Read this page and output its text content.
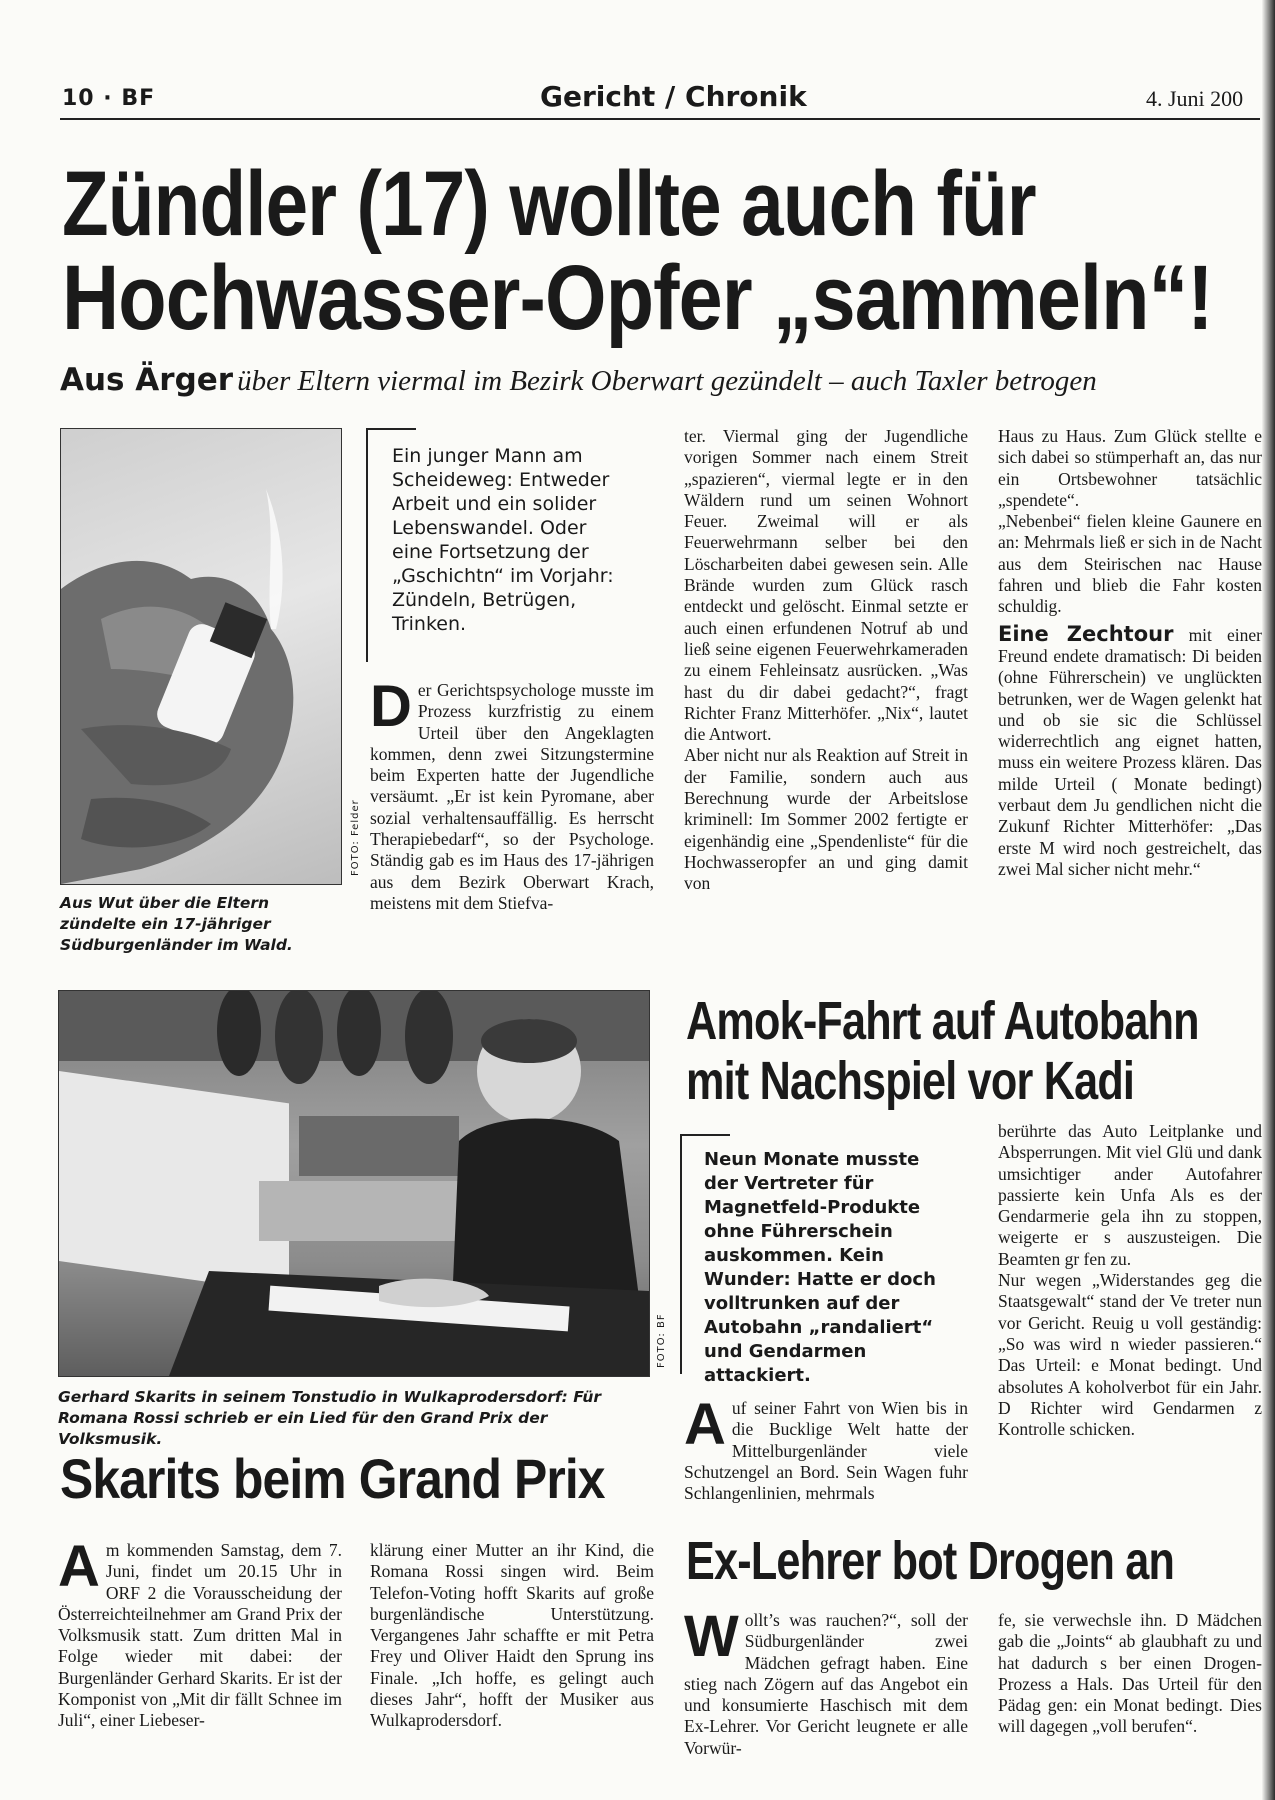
10 · BF	Gericht / Chronik	4. Juni 200
Zündler (17) wollte auch für
Hochwasser-Opfer „sammeln“!
Aus Ärger über Eltern viermal im Bezirk Oberwart gezündelt – auch Taxler betrogen
FOTO: Felder
Aus Wut über die Eltern zündelte ein 17-jähriger Südburgenländer im Wald.
Ein junger Mann am Scheideweg: Entweder Arbeit und ein solider Lebenswandel. Oder eine Fortsetzung der „Gschichtn“ im Vorjahr: Zündeln, Betrügen, Trinken.
Der Gerichtspsychologe musste im Prozess kurzfristig zu einem Urteil über den Angeklagten kommen, denn zwei Sitzungstermine beim Experten hatte der Jugendliche versäumt. „Er ist kein Pyromane, aber sozial verhaltensauffällig. Es herrscht Therapiebedarf“, so der Psychologe. Ständig gab es im Haus des 17-jährigen aus dem Bezirk Oberwart Krach, meistens mit dem Stiefva-

ter. Viermal ging der Jugendliche vorigen Sommer nach einem Streit „spazieren“, viermal legte er in den Wäldern rund um seinen Wohnort Feuer. Zweimal will er als Feuerwehrmann selber bei den Löscharbeiten dabei gewesen sein. Alle Brände wurden zum Glück rasch entdeckt und gelöscht. Einmal setzte er auch einen erfundenen Notruf ab und ließ seine eigenen Feuerwehrkameraden zu einem Fehleinsatz ausrücken. „Was hast du dir dabei gedacht?“, fragt Richter Franz Mitterhöfer. „Nix“, lautet die Antwort.

Aber nicht nur als Reaktion auf Streit in der Familie, sondern auch aus Berechnung wurde der Arbeitslose kriminell: Im Sommer 2002 fertigte er eigenhändig eine „Spendenliste“ für die Hochwasseropfer an und ging damit von

Haus zu Haus. Zum Glück stellte e sich dabei so stümperhaft an, das nur ein Ortsbewohner tatsächlic „spendete“.

„Nebenbei“ fielen kleine Gaunere en an: Mehrmals ließ er sich in de Nacht aus dem Steirischen nac Hause fahren und blieb die Fahr kosten schuldig.

Eine Zechtour mit einer Freund endete dramatisch: Di beiden (ohne Führerschein) ve unglückten betrunken, wer de Wagen gelenkt hat und ob sie sic die Schlüssel widerrechtlich ang eignet hatten, muss ein weitere Prozess klären. Das milde Urteil ( Monate bedingt) verbaut dem Ju gendlichen nicht die Zukunf Richter Mitterhöfer: „Das erste M wird noch gestreichelt, das zwei Mal sicher nicht mehr.“

FOTO: BF
Gerhard Skarits in seinem Tonstudio in Wulkaprodersdorf: Für Romana Rossi schrieb er ein Lied für den Grand Prix der Volksmusik.
Skarits beim Grand Prix
Am kommenden Samstag, dem 7. Juni, findet um 20.15 Uhr in ORF 2 die Vorausscheidung der Österreichteilnehmer am Grand Prix der Volksmusik statt. Zum dritten Mal in Folge wieder mit dabei: der Burgenländer Gerhard Skarits. Er ist der Komponist von „Mit dir fällt Schnee im Juli“, einer Liebeser-

klärung einer Mutter an ihr Kind, die Romana Rossi singen wird. Beim Telefon-Voting hofft Skarits auf große burgenländische Unterstützung. Vergangenes Jahr schaffte er mit Petra Frey und Oliver Haidt den Sprung ins Finale. „Ich hoffe, es gelingt auch dieses Jahr“, hofft der Musiker aus Wulkaprodersdorf.

Amok-Fahrt auf Autobahn
mit Nachspiel vor Kadi
Neun Monate musste der Vertreter für Magnetfeld-Produkte ohne Führerschein auskommen. Kein Wunder: Hatte er doch volltrunken auf der Autobahn „randaliert“ und Gendarmen attackiert.
Auf seiner Fahrt von Wien bis in die Bucklige Welt hatte der Mittelburgenländer viele Schutzengel an Bord. Sein Wagen fuhr Schlangenlinien, mehrmals

berührte das Auto Leitplanke und Absperrungen. Mit viel Glü und dank umsichtiger ander Autofahrer passierte kein Unfa Als es der Gendarmerie gela ihn zu stoppen, weigerte er s auszusteigen. Die Beamten gr fen zu.

Nur wegen „Widerstandes geg die Staatsgewalt“ stand der Ve treter nun vor Gericht. Reuig u voll geständig: „So was wird n wieder passieren.“ Das Urteil: e Monat bedingt. Und absolutes A koholverbot für ein Jahr. D Richter wird Gendarmen z Kontrolle schicken.

Ex-Lehrer bot Drogen an
Wollt’s was rauchen?“, soll der Südburgenländer zwei Mädchen gefragt haben. Eine stieg nach Zögern auf das Angebot ein und konsumierte Haschisch mit dem Ex-Lehrer. Vor Gericht leugnete er alle Vorwür-

fe, sie verwechsle ihn. D Mädchen gab die „Joints“ ab glaubhaft zu und hat dadurch s ber einen Drogen-Prozess a Hals. Das Urteil für den Pädag gen: ein Monat bedingt. Dies will dagegen „voll berufen“.
